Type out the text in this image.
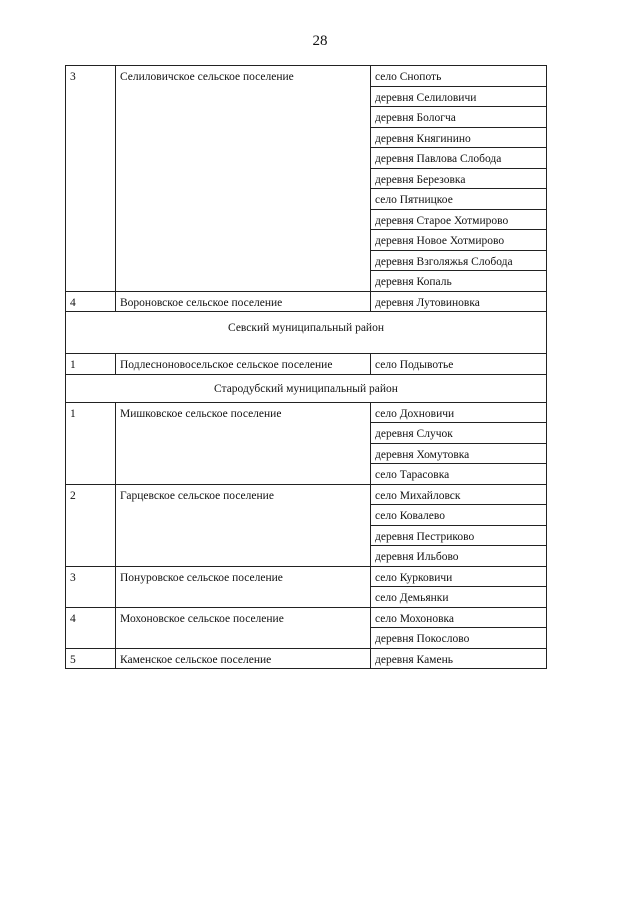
28
3	Селиловичское сельское поселение	село Снопоть
		деревня Селиловичи
		деревня Бологча
		деревня Княгинино
		деревня Павлова Слобода
		деревня Березовка
		село Пятницкое
		деревня Старое Хотмирово
		деревня Новое Хотмирово
		деревня Взголяжья Слобода
		деревня Копаль
4	Вороновское сельское поселение	деревня Лутовиновка
Севский муниципальный район		
1	Подлесноновосельское сельское поселение	село Подывотье
Стародубский муниципальный район		
1	Мишковское сельское поселение	село Дохновичи
		деревня Случок
		деревня Хомутовка
		село Тарасовка
2	Гарцевское сельское поселение	село Михайловск
		село Ковалево
		деревня Пестриково
		деревня Ильбово
3	Понуровское сельское поселение	село Курковичи
		село Демьянки
4	Мохоновское сельское поселение	село Мохоновка
		деревня Покослово
5	Каменское сельское поселение	деревня Камень
